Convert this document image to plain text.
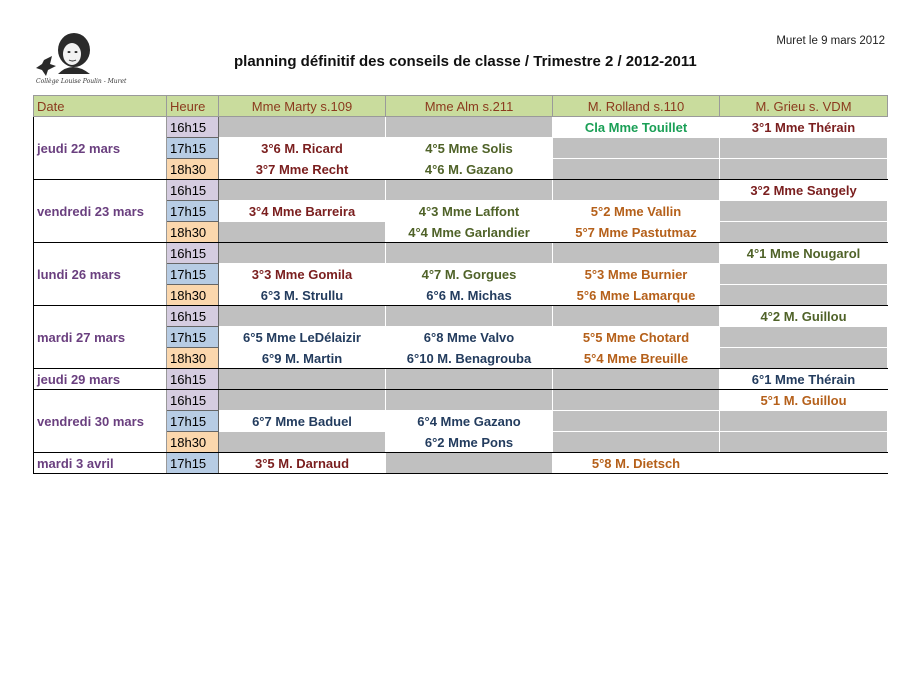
Collège Louise Poulin - Muret
Muret le 9 mars 2012
planning définitif des conseils de classe / Trimestre 2 / 2012-2011
Date	Heure	Mme Marty s.109	Mme Alm s.211	M. Rolland s.110	M. Grieu s. VDM
jeudi 22 mars	16h15			Cla Mme Touillet	3°1 Mme Thérain
	17h15	3°6 M. Ricard	4°5 Mme Solis		
	18h30	3°7 Mme Recht	4°6 M. Gazano		
vendredi 23 mars	16h15				3°2 Mme Sangely
	17h15	3°4 Mme Barreira	4°3 Mme Laffont	5°2 Mme Vallin	
	18h30		4°4 Mme Garlandier	5°7 Mme Pastutmaz	
lundi 26 mars	16h15				4°1 Mme Nougarol
	17h15	3°3 Mme Gomila	4°7 M. Gorgues	5°3 Mme Burnier	
	18h30	6°3 M. Strullu	6°6 M. Michas	5°6 Mme Lamarque	
mardi 27 mars	16h15				4°2 M. Guillou
	17h15	6°5 Mme LeDélaizir	6°8 Mme Valvo	5°5 Mme Chotard	
	18h30	6°9 M. Martin	6°10 M. Benagrouba	5°4 Mme Breuille	
jeudi 29 mars	16h15				6°1 Mme Thérain
vendredi 30 mars	16h15				5°1 M. Guillou
	17h15	6°7 Mme Baduel	6°4 Mme Gazano		
	18h30		6°2 Mme Pons		
mardi 3 avril	17h15	3°5 M. Darnaud		5°8 M. Dietsch	
